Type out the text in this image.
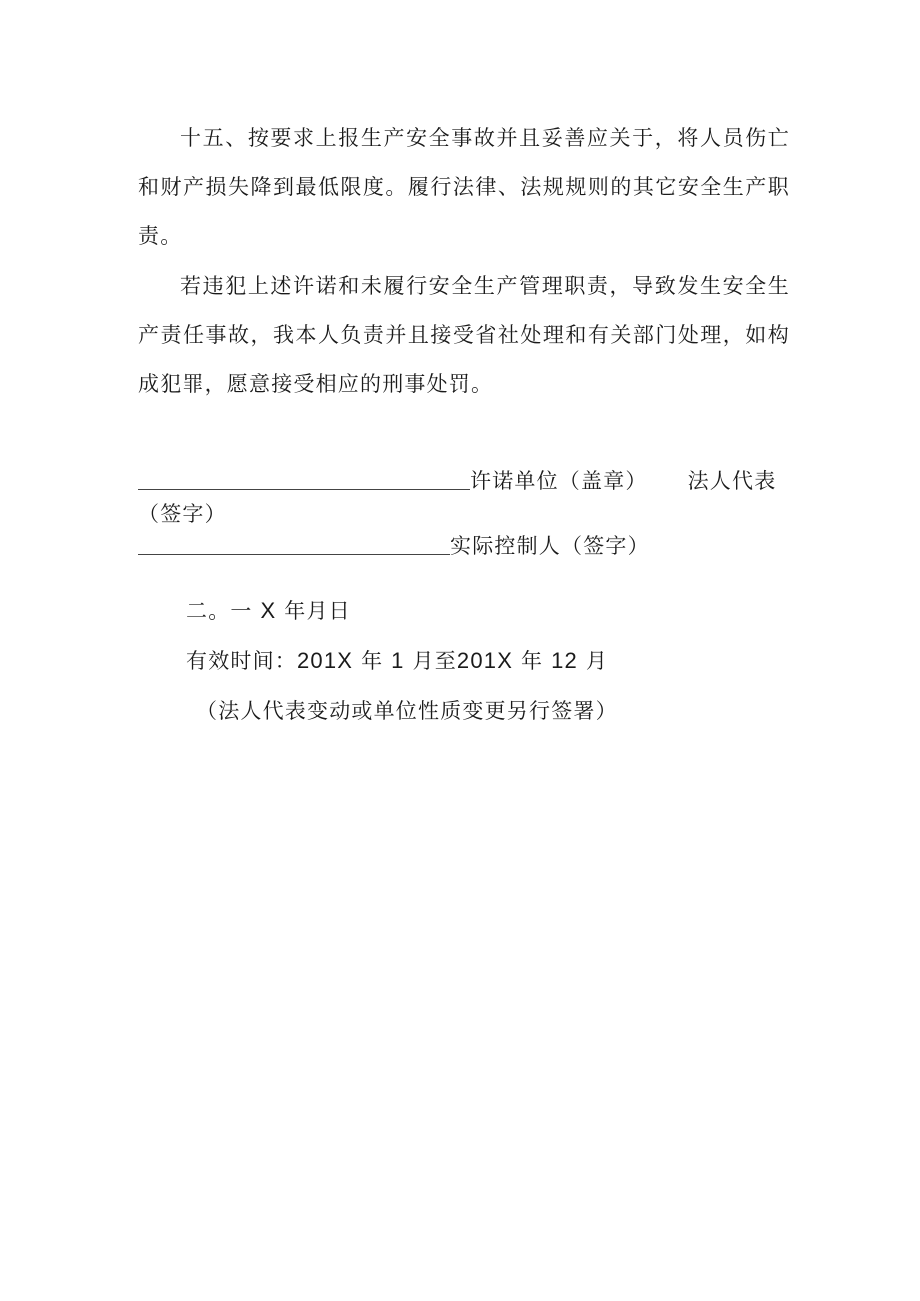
十五、按要求上报生产安全事故并且妥善应关于，将人员伤亡和财产损失降到最低限度。履行法律、法规规则的其它安全生产职责。

若违犯上述许诺和未履行安全生产管理职责，导致发生安全生产责任事故，我本人负责并且接受省社处理和有关部门处理，如构成犯罪，愿意接受相应的刑事处罚。

许诺单位（盖章） 法人代表
（签字）
实际控制人（签字）
二。一 X 年月日
有效时间：201X 年 1 月至201X 年 12 月
（法人代表变动或单位性质变更另行签署）
